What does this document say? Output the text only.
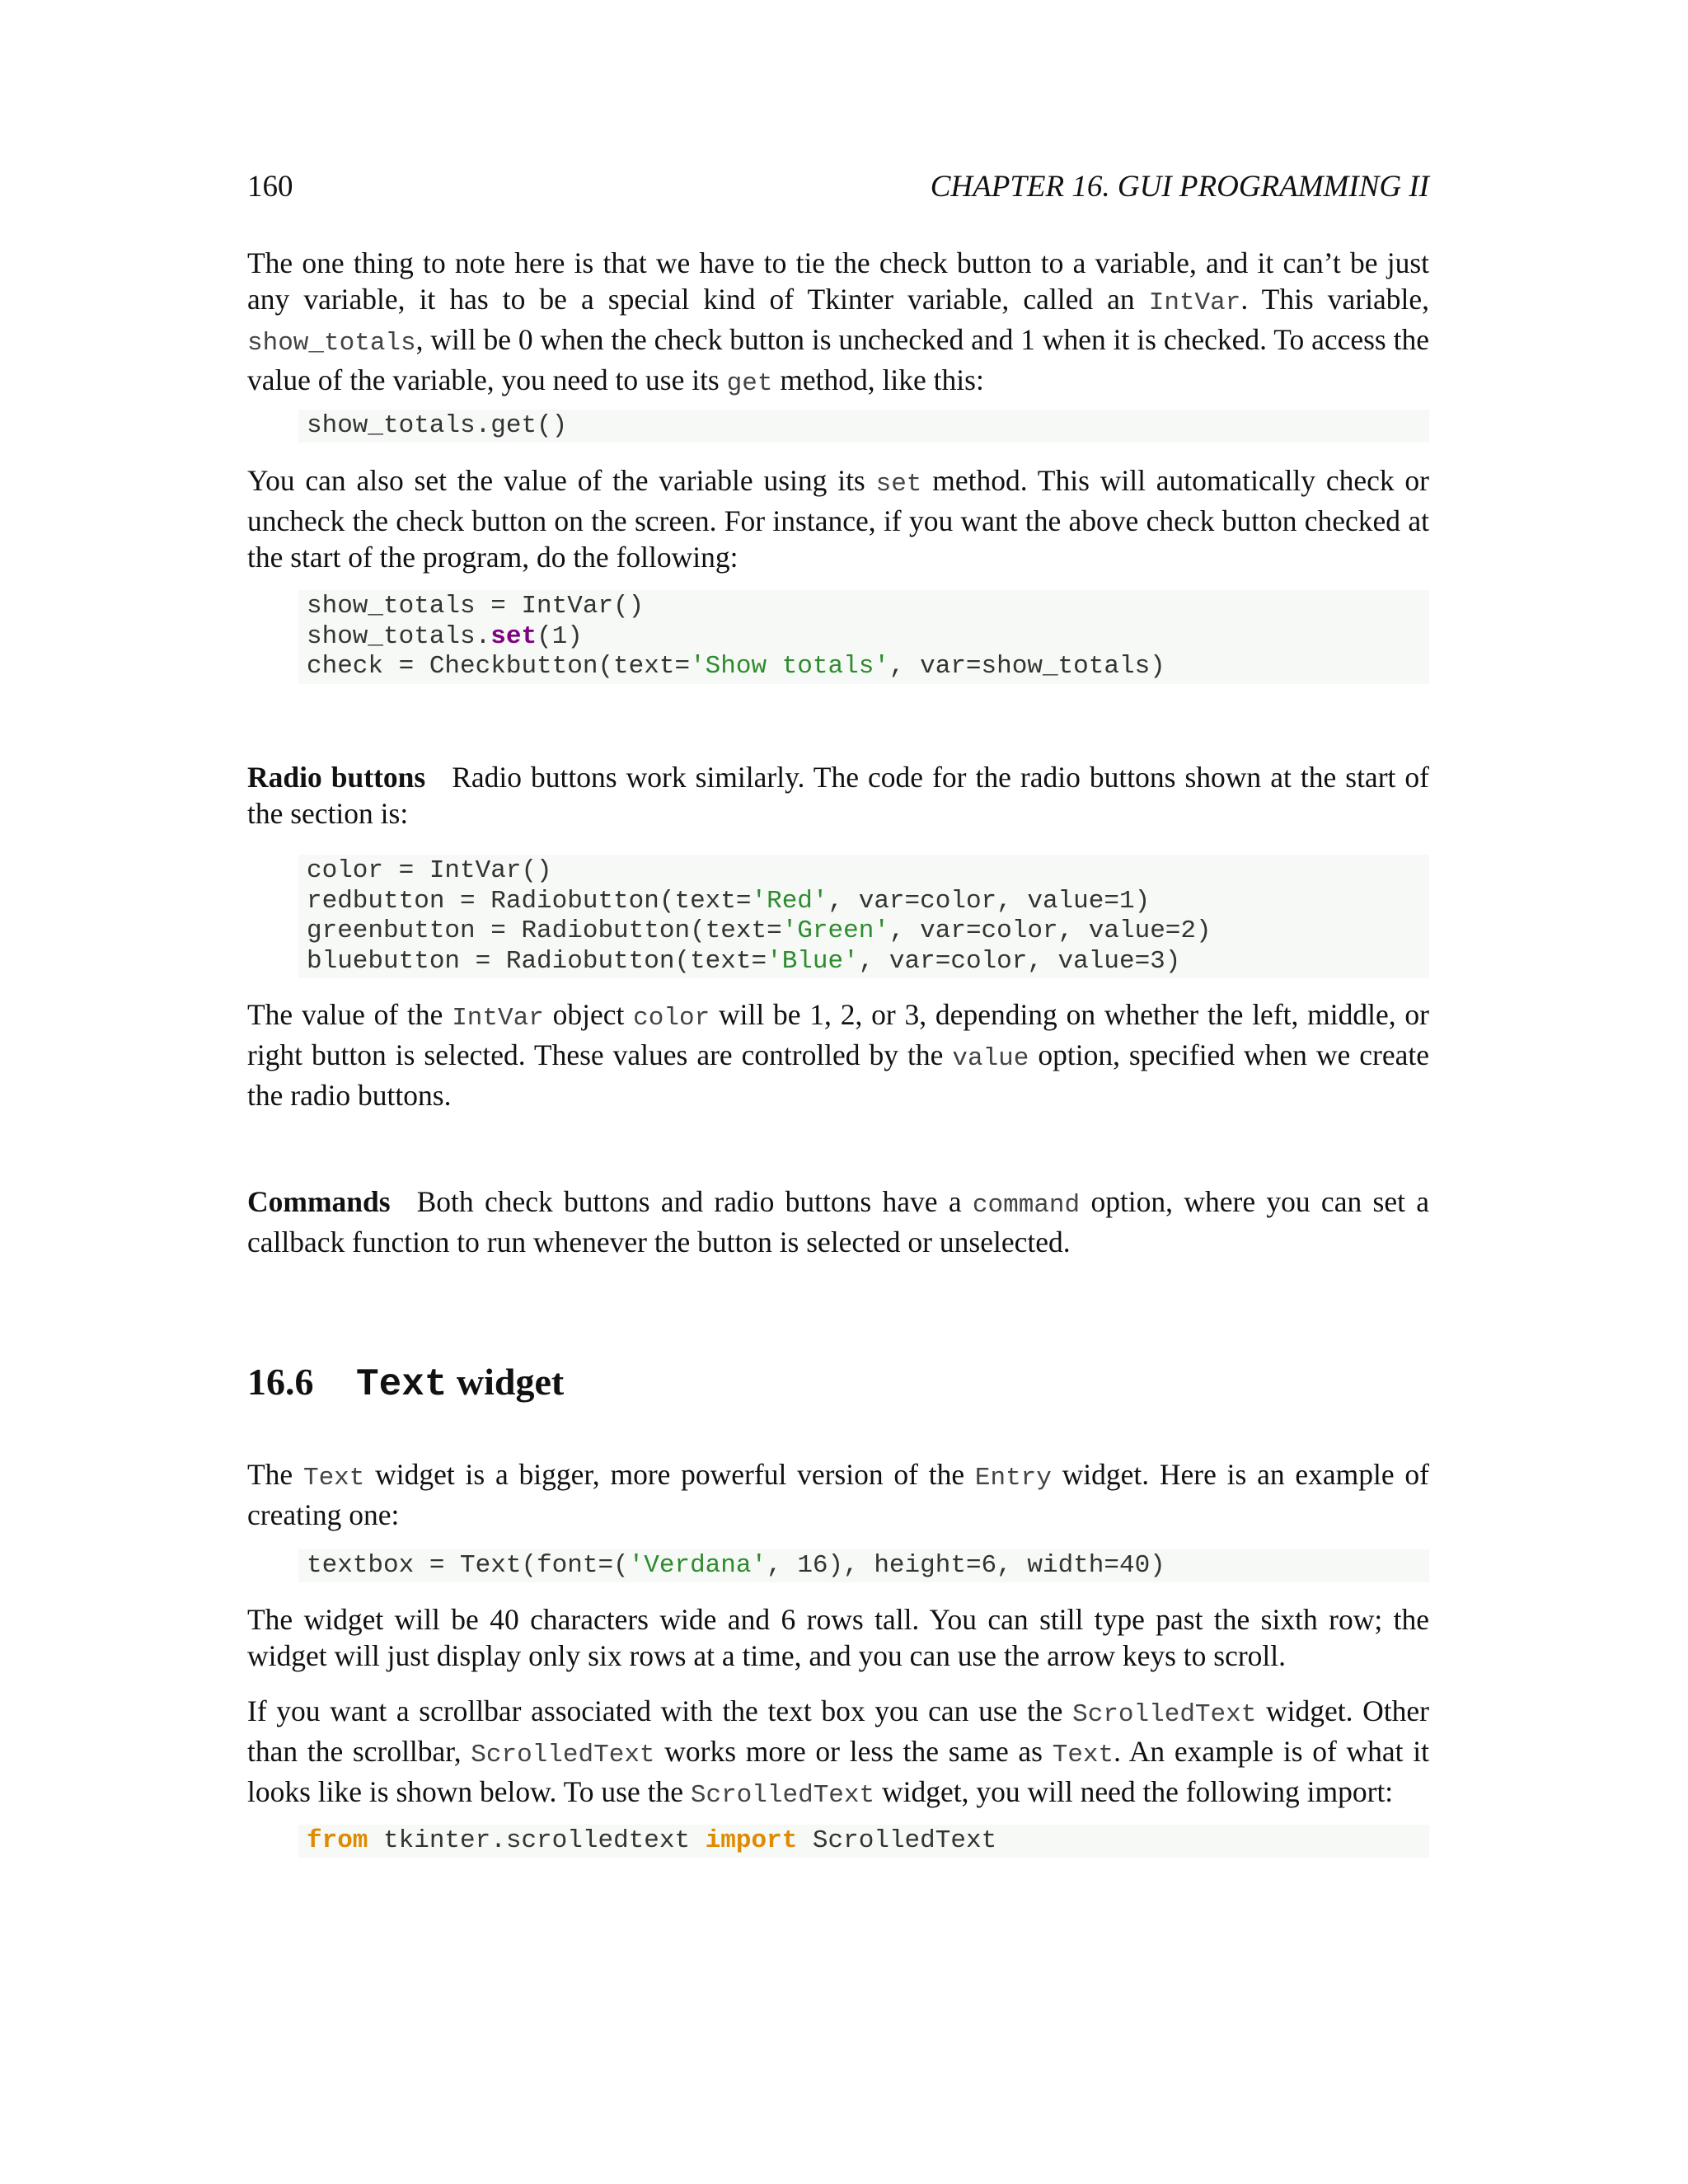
160	CHAPTER 16. GUI PROGRAMMING II
The one thing to note here is that we have to tie the check button to a variable, and it can’t be just any variable, it has to be a special kind of Tkinter variable, called an IntVar. This variable, show_totals, will be 0 when the check button is unchecked and 1 when it is checked. To access the value of the variable, you need to use its get method, like this:
show_totals.get()
You can also set the value of the variable using its set method. This will automatically check or uncheck the check button on the screen. For instance, if you want the above check button checked at the start of the program, do the following:
show_totals = IntVar()
show_totals.set(1)
check = Checkbutton(text='Show totals', var=show_totals)
Radio buttons Radio buttons work similarly. The code for the radio buttons shown at the start of the section is:
color = IntVar()
redbutton = Radiobutton(text='Red', var=color, value=1)
greenbutton = Radiobutton(text='Green', var=color, value=2)
bluebutton = Radiobutton(text='Blue', var=color, value=3)
The value of the IntVar object color will be 1, 2, or 3, depending on whether the left, middle, or right button is selected. These values are controlled by the value option, specified when we create the radio buttons.
Commands Both check buttons and radio buttons have a command option, where you can set a callback function to run whenever the button is selected or unselected.
16.6 Text widget
The Text widget is a bigger, more powerful version of the Entry widget. Here is an example of creating one:
textbox = Text(font=('Verdana', 16), height=6, width=40)
The widget will be 40 characters wide and 6 rows tall. You can still type past the sixth row; the widget will just display only six rows at a time, and you can use the arrow keys to scroll.
If you want a scrollbar associated with the text box you can use the ScrolledText widget. Other than the scrollbar, ScrolledText works more or less the same as Text. An example is of what it looks like is shown below. To use the ScrolledText widget, you will need the following import:
from tkinter.scrolledtext import ScrolledText
